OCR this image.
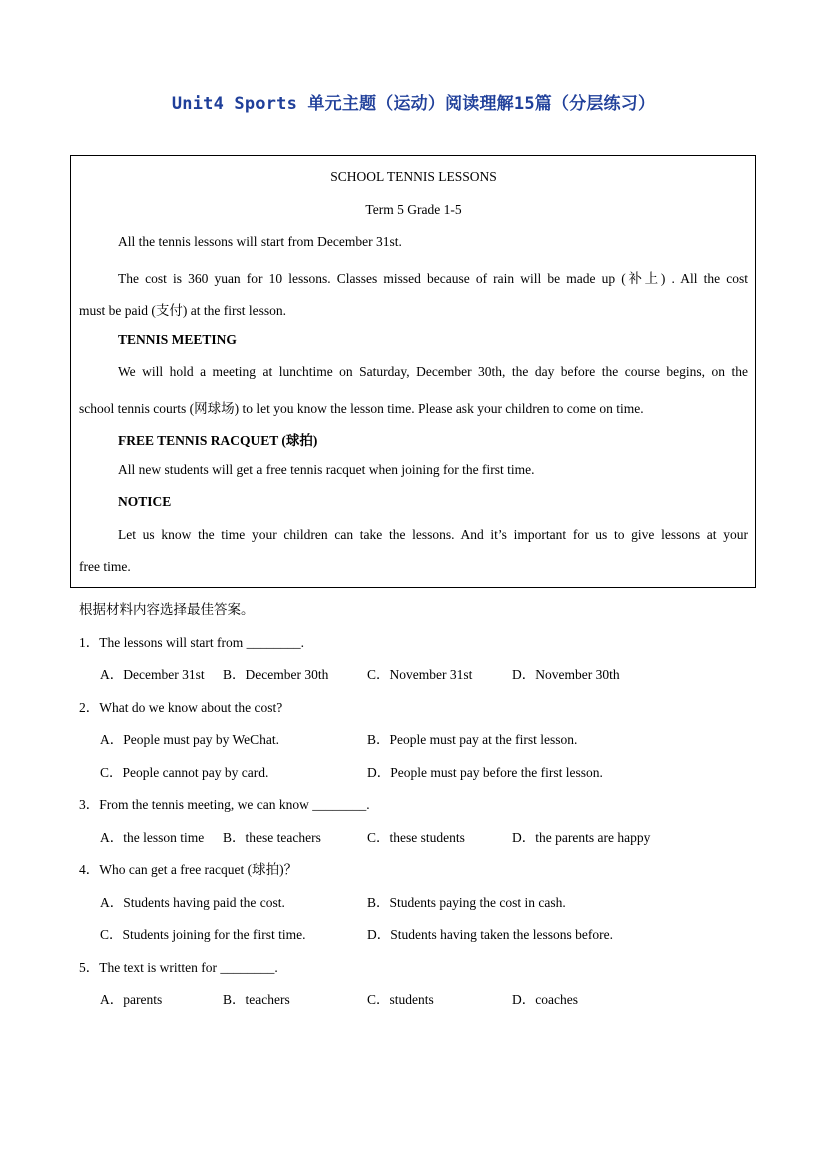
Unit4 Sports 单元主题（运动）阅读理解15篇（分层练习）
SCHOOL TENNIS LESSONS
Term 5 Grade 1-5
All the tennis lessons will start from December 31st.
The cost is 360 yuan for 10 lessons. Classes missed because of rain will be made up (补上) . All the cost
must be paid (支付) at the first lesson.
TENNIS MEETING
We will hold a meeting at lunchtime on Saturday, December 30th, the day before the course begins, on the
school tennis courts (网球场) to let you know the lesson time. Please ask your children to come on time.
FREE TENNIS RACQUET (球拍)
All new students will get a free tennis racquet when joining for the first time.
NOTICE
Let us know the time your children can take the lessons. And it’s important for us to give lessons at your
free time.
根据材料内容选择最佳答案。
1．The lessons will start from ________.
A．December 31st B．December 30th	C．November 31st	D．November 30th
2．What do we know about the cost?
A．People must pay by WeChat.	B．People must pay at the first lesson.
C．People cannot pay by card.	D．People must pay before the first lesson.
3．From the tennis meeting, we can know ________.
A．the lesson time B．these teachers	C．these students	D．the parents are happy
4．Who can get a free racquet (球拍)？
A．Students having paid the cost.	B．Students paying the cost in cash.
C．Students joining for the first time.	D．Students having taken the lessons before.
5．The text is written for ________.
A．parents	B．teachers	C．students	D．coaches
